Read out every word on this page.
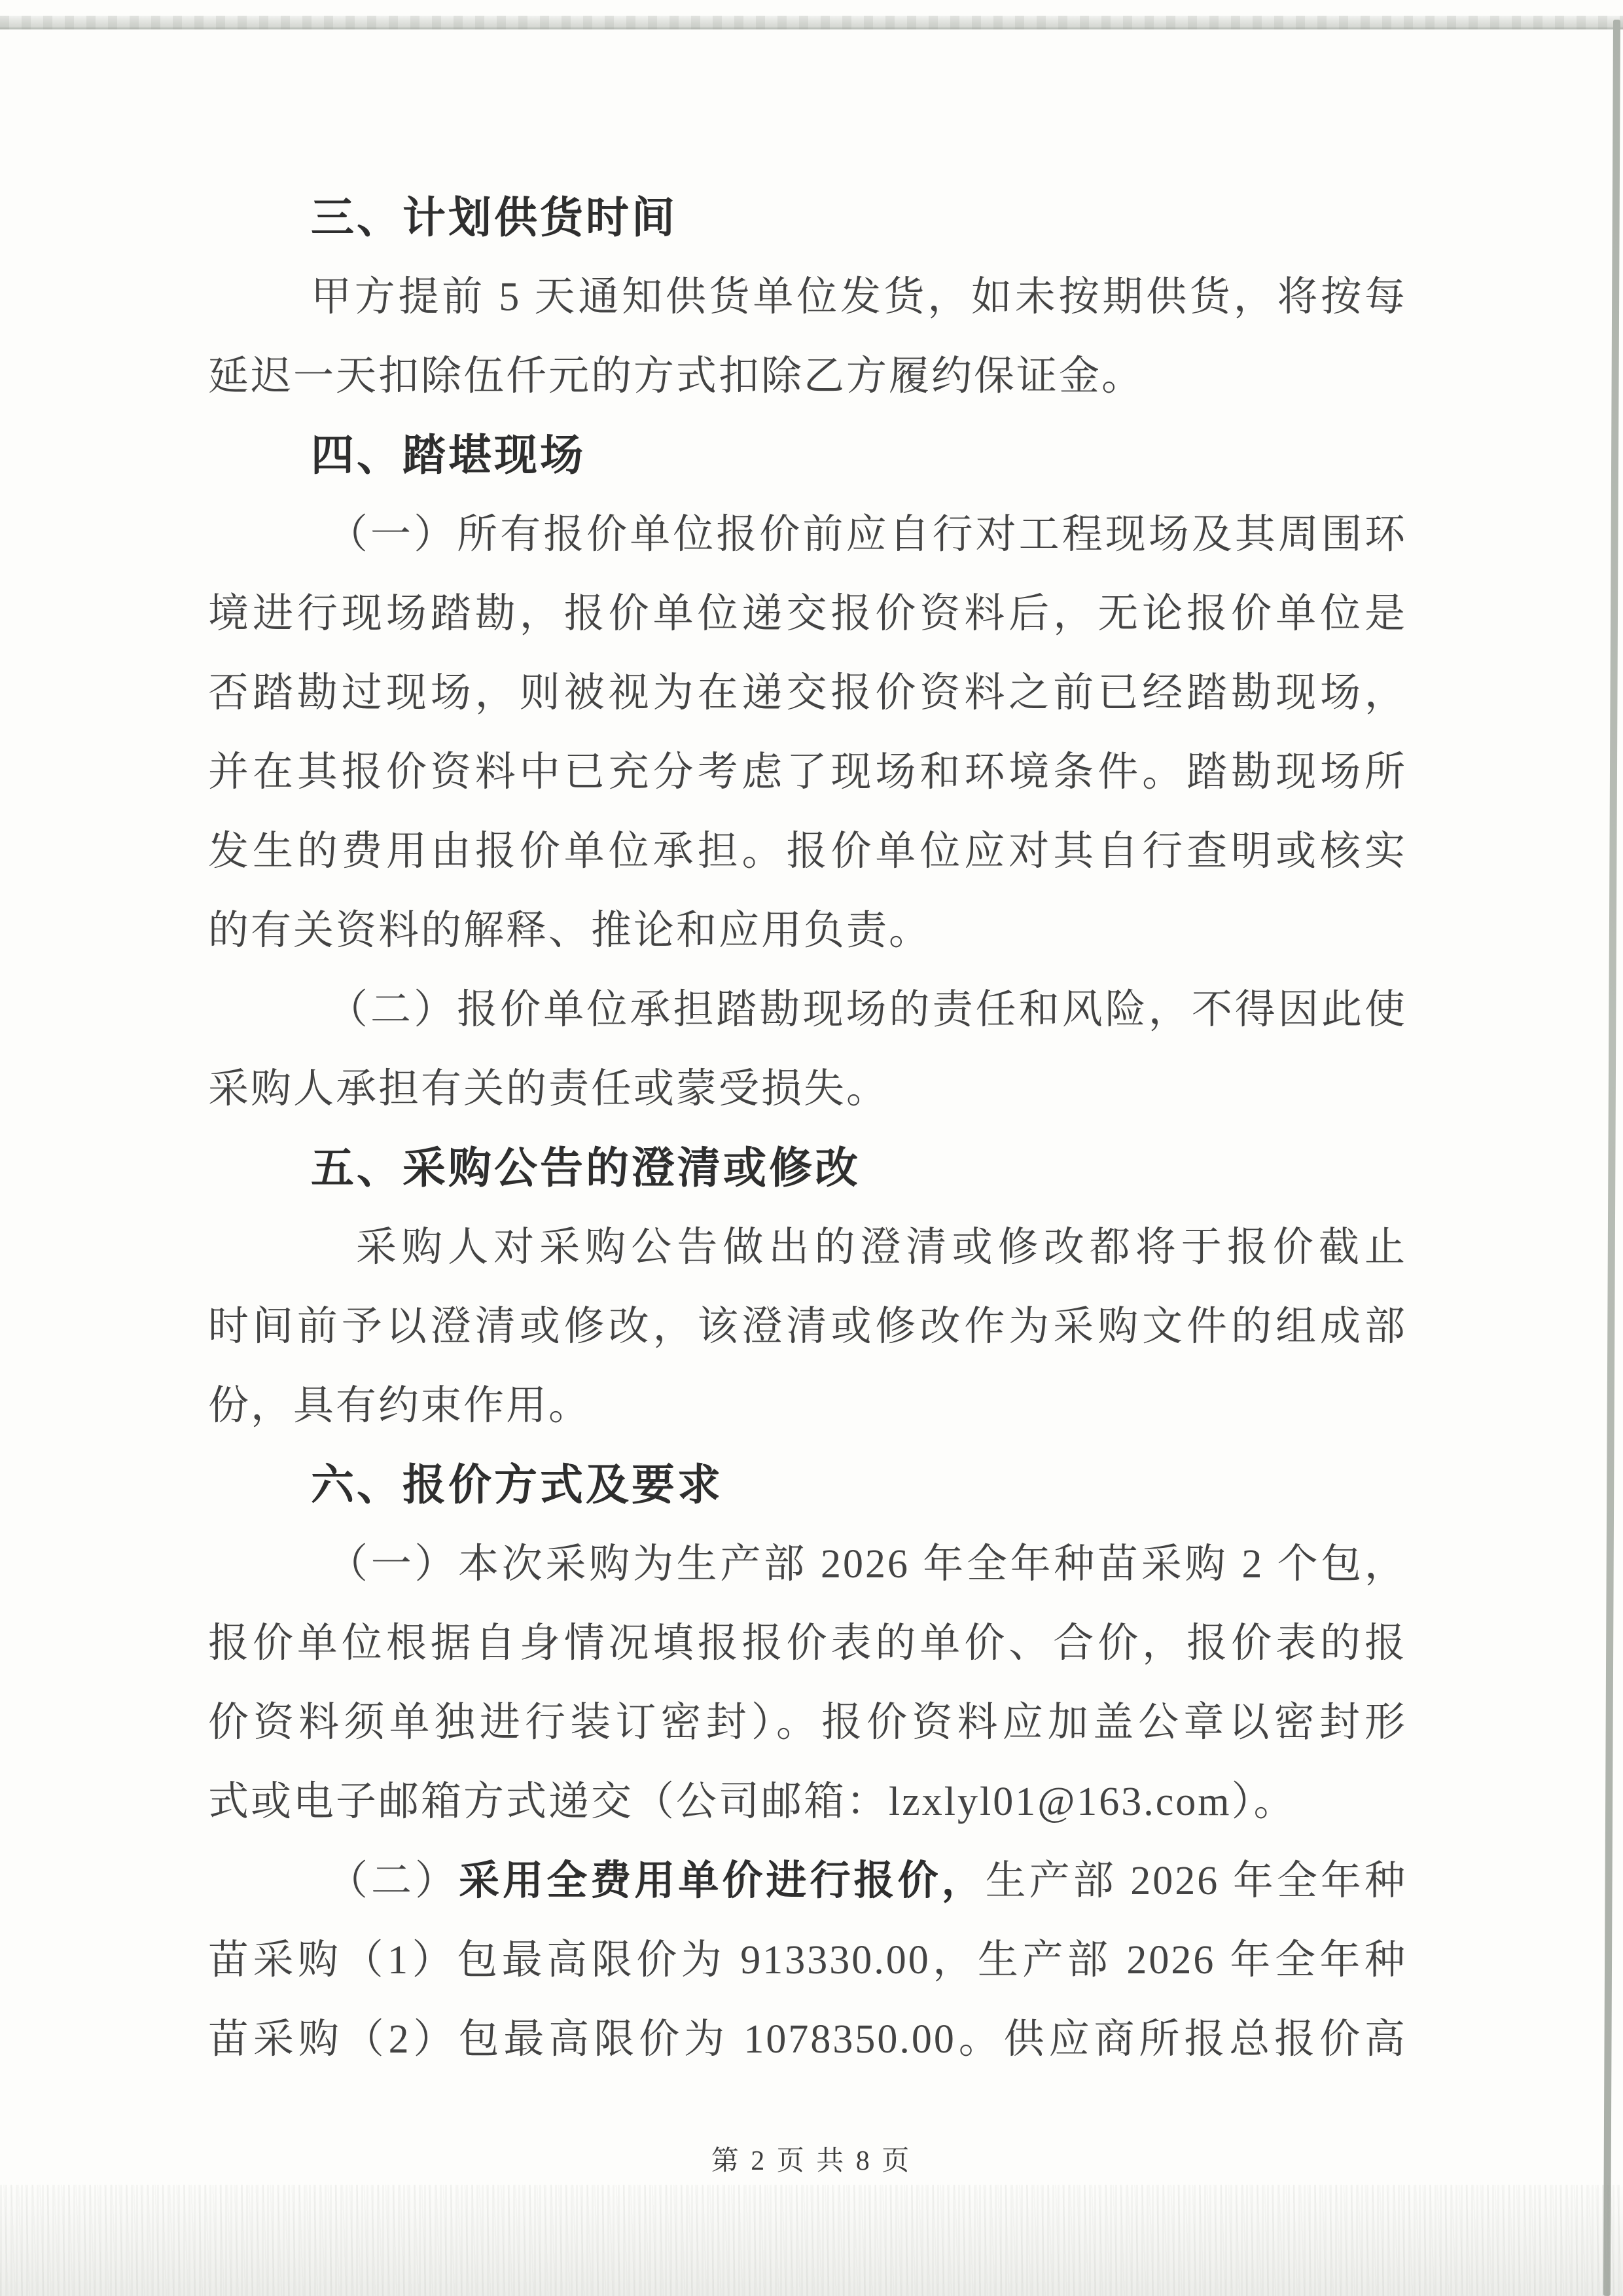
三、计划供货时间
甲方提前 5 天通知供货单位发货，如未按期供货，将按每
延迟一天扣除伍仟元的方式扣除乙方履约保证金。
四、踏堪现场
（一）所有报价单位报价前应自行对工程现场及其周围环
境进行现场踏勘，报价单位递交报价资料后，无论报价单位是
否踏勘过现场，则被视为在递交报价资料之前已经踏勘现场，
并在其报价资料中已充分考虑了现场和环境条件。踏勘现场所
发生的费用由报价单位承担。报价单位应对其自行查明或核实
的有关资料的解释、推论和应用负责。
（二）报价单位承担踏勘现场的责任和风险，不得因此使
采购人承担有关的责任或蒙受损失。
五、采购公告的澄清或修改
采购人对采购公告做出的澄清或修改都将于报价截止
时间前予以澄清或修改，该澄清或修改作为采购文件的组成部
份，具有约束作用。
六、报价方式及要求
（一）本次采购为生产部 2026 年全年种苗采购 2 个包，
报价单位根据自身情况填报报价表的单价、合价，报价表的报
价资料须单独进行装订密封）。报价资料应加盖公章以密封形
式或电子邮箱方式递交（公司邮箱：lzxlyl01@163.com）。
（二）采用全费用单价进行报价，生产部 2026 年全年种
苗采购（1）包最高限价为 913330.00，生产部 2026 年全年种
苗采购（2）包最高限价为 1078350.00。供应商所报总报价高
第 2 页 共 8 页
